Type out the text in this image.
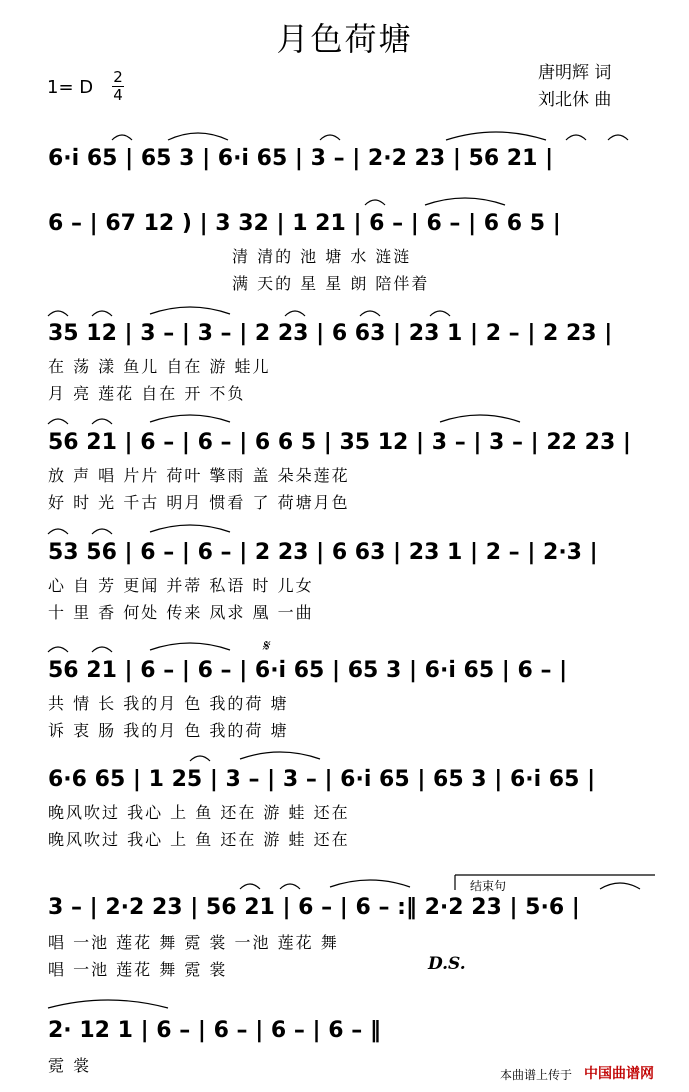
月色荷塘
唐明辉 词
刘北休 曲
1= D 2
4
6·i̇ 65 | 65 3 | 6·i̇ 65 | 3 – | 2·2 23 | 56 21 |
6 – | 67 12 ) | 3 32 | 1 21 | 6 – | 6 – | 6 6 5 |
清 清的 池 塘 水 涟涟
满 天的 星 星 朗 陪伴着
35 12 | 3 – | 3 – | 2 23 | 6 63 | 23 1 | 2 – | 2 23 |
在 荡 漾 鱼儿 自在 游 蛙儿
月 亮 莲花 自在 开 不负
56 21 | 6 – | 6 – | 6 6 5 | 35 12 | 3 – | 3 – | 22 23 |
放 声 唱 片片 荷叶 擎雨 盖 朵朵莲花
好 时 光 千古 明月 惯看 了 荷塘月色
53 56 | 6 – | 6 – | 2 23 | 6 63 | 23 1 | 2 – | 2·3 |
心 自 芳 更闻 并蒂 私语 时 儿女
十 里 香 何处 传来 凤求 凰 一曲
𝄋
56 21 | 6 – | 6 – | 6·i̇ 65 | 65 3 | 6·i̇ 65 | 6 – |
共 情 长 我的月 色 我的荷 塘
诉 衷 肠 我的月 色 我的荷 塘
6·6 65 | 1 25 | 3 – | 3 – | 6·i̇ 65 | 65 3 | 6·i̇ 65 |
晚风吹过 我心 上 鱼 还在 游 蛙 还在
晚风吹过 我心 上 鱼 还在 游 蛙 还在
结束句
3 – | 2·2 23 | 56 21 | 6 – | 6 – :‖ 2·2 23 | 5·6 |
唱 一池 莲花 舞 霓 裳 一池 莲花 舞
唱 一池 莲花 舞 霓 裳	D.S.
2· 12 1 | 6 – | 6 – | 6 – | 6 – ‖
霓 裳	本曲谱上传于 中国曲谱网
